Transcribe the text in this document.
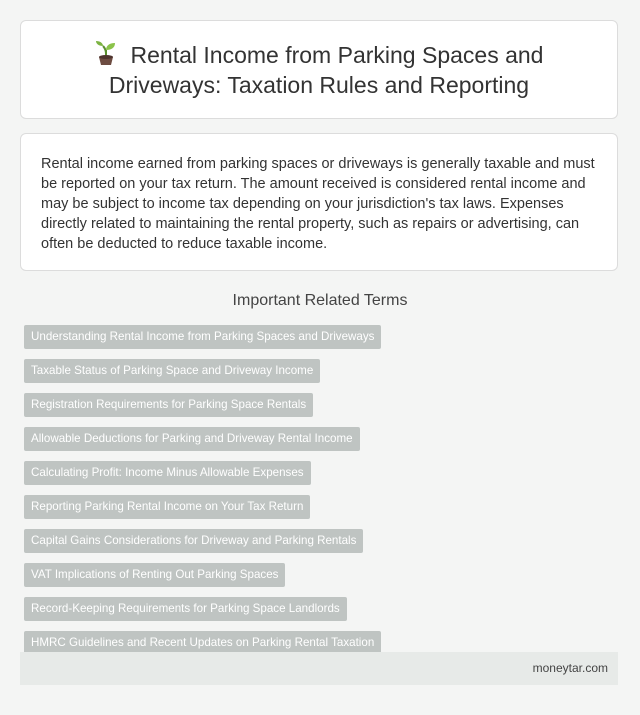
Rental Income from Parking Spaces and Driveways: Taxation Rules and Reporting

Rental income earned from parking spaces or driveways is generally taxable and must be reported on your tax return. The amount received is considered rental income and may be subject to income tax depending on your jurisdiction's tax laws. Expenses directly related to maintaining the rental property, such as repairs or advertising, can often be deducted to reduce taxable income.

Important Related Terms
Understanding Rental Income from Parking Spaces and Driveways
Taxable Status of Parking Space and Driveway Income
Registration Requirements for Parking Space Rentals
Allowable Deductions for Parking and Driveway Rental Income
Calculating Profit: Income Minus Allowable Expenses
Reporting Parking Rental Income on Your Tax Return
Capital Gains Considerations for Driveway and Parking Rentals
VAT Implications of Renting Out Parking Spaces
Record-Keeping Requirements for Parking Space Landlords
HMRC Guidelines and Recent Updates on Parking Rental Taxation
moneytar.com
